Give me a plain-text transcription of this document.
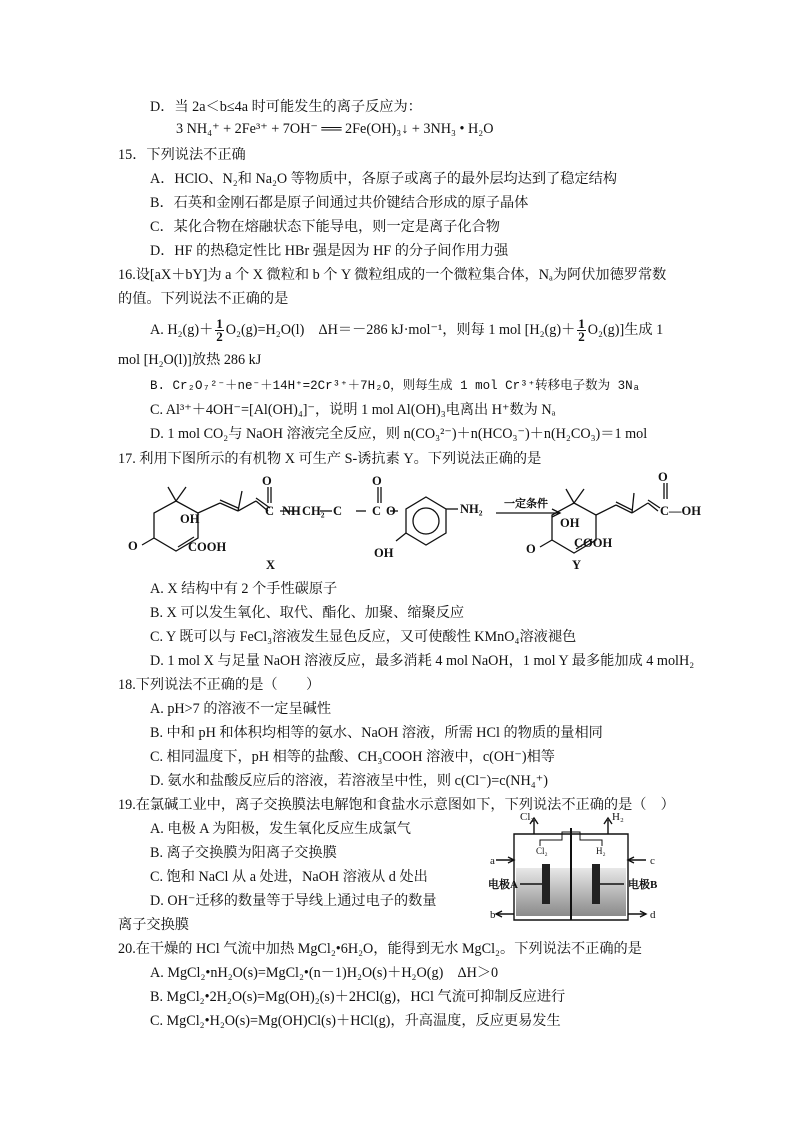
D．当 2a＜b≤4a 时可能发生的离子反应为：
3 NH₄⁺ + 2Fe³⁺ + 7OH⁻ ══ 2Fe(OH)₃↓ + 3NH₃ • H₂O
15．下列说法不正确
A．HClO、N₂和 Na₂O 等物质中，各原子或离子的最外层均达到了稳定结构
B．石英和金刚石都是原子间通过共价键结合形成的原子晶体
C．某化合物在熔融状态下能导电，则一定是离子化合物
D．HF 的热稳定性比 HBr 强是因为 HF 的分子间作用力强
16.设[aX＋bY]为 a 个 X 微粒和 b 个 Y 微粒组成的一个微粒集合体，Nₐ为阿伏加德罗常数
的值。下列说法不正确的是
A. $H_2(g)+ \frac{1}{2} O_2(g)=H_2O(l)$　ΔH＝－286 kJ·mol⁻¹，则每 1 mol $[H_2(g)+ \frac{1}{2} O_2(g)]$生成 1
mol [H₂O(l)]放热 286 kJ
B. Cr₂O₇²⁻＋ne⁻＋14H⁺=2Cr³⁺＋7H₂O，则每生成 1 mol Cr³⁺转移电子数为 3Nₐ
C. Al³⁺＋4OH⁻=[Al(OH)₄]⁻，说明 1 mol Al(OH)₃电离出 H⁺数为 Nₐ
D. 1 mol CO₂与 NaOH 溶液完全反应，则 n(CO₃²⁻)＋n(HCO₃⁻)＋n(H₂CO₃)＝1 mol
17. 利用下图所示的有机物 X 可生产 S-诱抗素 Y。下列说法正确的是
OH
O	COOH
O
C NH CH₂ C
O
C O	NH₂
OH
X
一定条件
OH
O	COOH
O
C—OH
Y
A. X 结构中有 2 个手性碳原子
B. X 可以发生氧化、取代、酯化、加聚、缩聚反应
C. Y 既可以与 FeCl₃溶液发生显色反应，又可使酸性 KMnO₄溶液褪色
D. 1 mol X 与足量 NaOH 溶液反应，最多消耗 4 mol NaOH，1 mol Y 最多能加成 4 molH₂
18.下列说法不正确的是（　　）
A. pH>7 的溶液不一定呈碱性
B. 中和 pH 和体积均相等的氨水、NaOH 溶液，所需 HCl 的物质的量相同
C. 相同温度下，pH 相等的盐酸、CH₃COOH 溶液中，c(OH⁻)相等
D. 氨水和盐酸反应后的溶液，若溶液呈中性，则 c(Cl⁻)=c(NH₄⁺)
19.在氯碱工业中，离子交换膜法电解饱和食盐水示意图如下，下列说法不正确的是（　）
A. 电极 A 为阳极，发生氧化反应生成氯气
B. 离子交换膜为阳离子交换膜
C. 饱和 NaCl 从 a 处进，NaOH 溶液从 d 处出
D. OH⁻迁移的数量等于导线上通过电子的数量
离子交换膜
Cl₂	H₂
Cl₂	H₂
a	c
b	d
电极A	电极B
20.在干燥的 HCl 气流中加热 MgCl₂•6H₂O，能得到无水 MgCl₂。下列说法不正确的是
A. MgCl₂•nH₂O(s)=MgCl₂•(n－1)H₂O(s)＋H₂O(g)　ΔH＞0
B. MgCl₂•2H₂O(s)=Mg(OH)₂(s)＋2HCl(g)，HCl 气流可抑制反应进行
C. MgCl₂•H₂O(s)=Mg(OH)Cl(s)＋HCl(g)，升高温度，反应更易发生
